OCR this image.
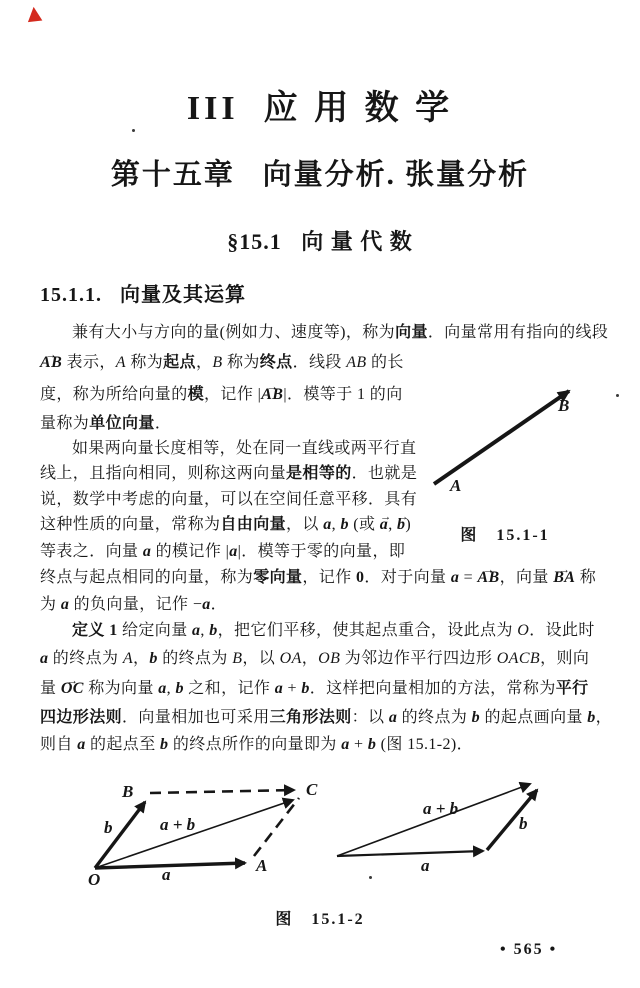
▲
III  应 用 数 学
第十五章   向量分析. 张量分析
§15.1   向 量 代 数
15.1.1.   向量及其运算
兼有大小与方向的量(例如力、速度等)，称为向量．向量常用有指向的线段
AB → 表示，A 称为起点，B 称为终点．线段 AB 的长
度，称为所给向量的模，记作 |AB →|．模等于 1 的向
量称为单位向量．
如果两向量长度相等，处在同一直线或两平行直
线上，且指向相同，则称这两向量是相等的．也就是
说，数学中考虑的向量，可以在空间任意平移．具有
这种性质的向量，常称为自由向量，以 a, b (或 a →, b →)
等表之．向量 a 的模记作 |a|．模等于零的向量，即
终点与起点相同的向量，称为零向量，记作 0．对于向量 a = AB →，向量 BA → 称
为 a 的负向量，记作 −a．
定义 1 给定向量 a, b，把它们平移，使其起点重合，设此点为 O．设此时
a 的终点为 A，b 的终点为 B，以 OA，OB 为邻边作平行四边形 OACB，则向
量 OC → 称为向量 a, b 之和，记作 a + b．这样把向量相加的方法，常称为平行
四边形法则．向量相加也可采用三角形法则：以 a 的终点为 b 的起点画向量 b，
则自 a 的起点至 b 的终点所作的向量即为 a + b (图 15.1-2)．
A
B
图   15.1-1
B	C
A
O
b	a + b
a
a + b
b
a
图   15.1-2
• 565 •
